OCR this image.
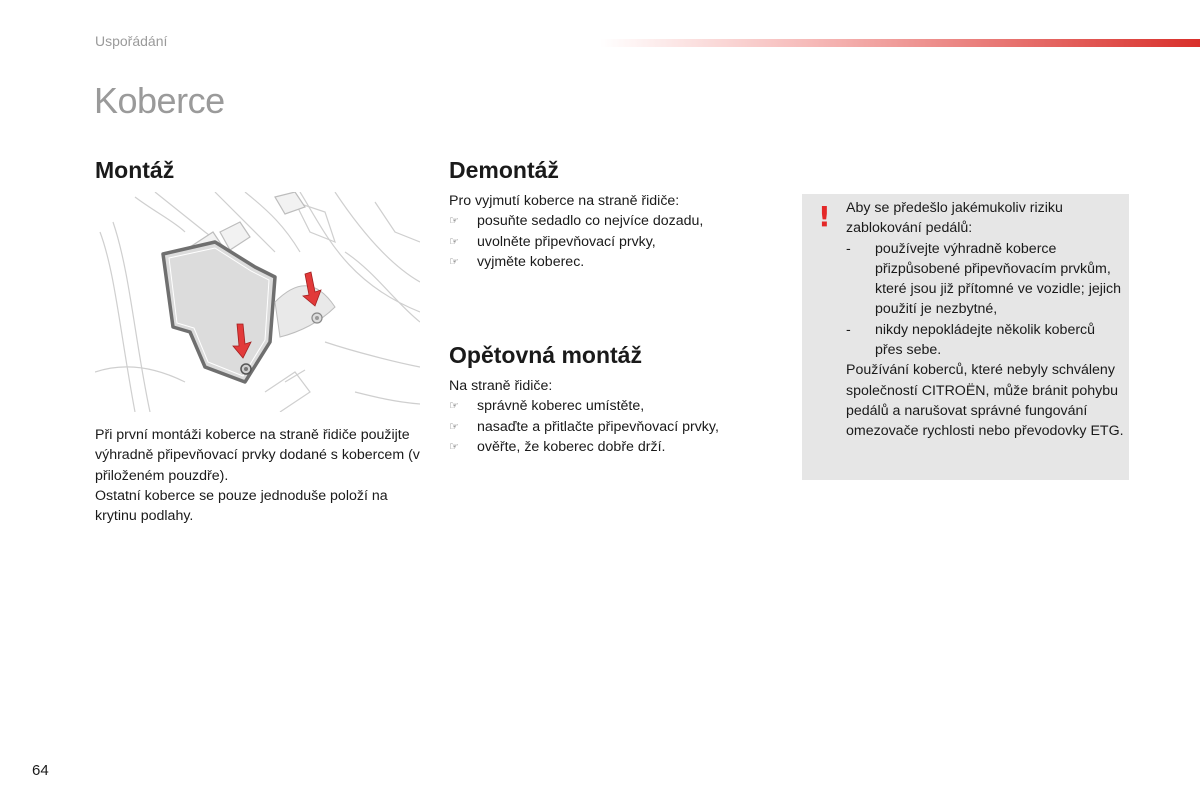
Uspořádání
Koberce
Montáž

Při první montáži koberce na straně řidiče použijte výhradně připevňovací prvky dodané s kobercem (v přiloženém pouzdře).

Ostatní koberce se pouze jednoduše položí na krytinu podlahy.

Demontáž

Pro vyjmutí koberce na straně řidiče:

☞ posuňte sedadlo co nejvíce dozadu,
☞ uvolněte připevňovací prvky,
☞ vyjměte koberec.
Opětovná montáž

Na straně řidiče:

☞ správně koberec umístěte,
☞ nasaďte a přitlačte připevňovací prvky,
☞ ověřte, že koberec dobře drží.
! Aby se předešlo jakémukoliv riziku zablokování pedálů:

- používejte výhradně koberce přizpůsobené připevňovacím prvkům, které jsou již přítomné ve vozidle; jejich použití je nezbytné,
- nikdy nepokládejte několik koberců přes sebe.

Používání koberců, které nebyly schváleny společností CITROËN, může bránit pohybu pedálů a narušovat správné fungování omezovače rychlosti nebo převodovky ETG.

64
